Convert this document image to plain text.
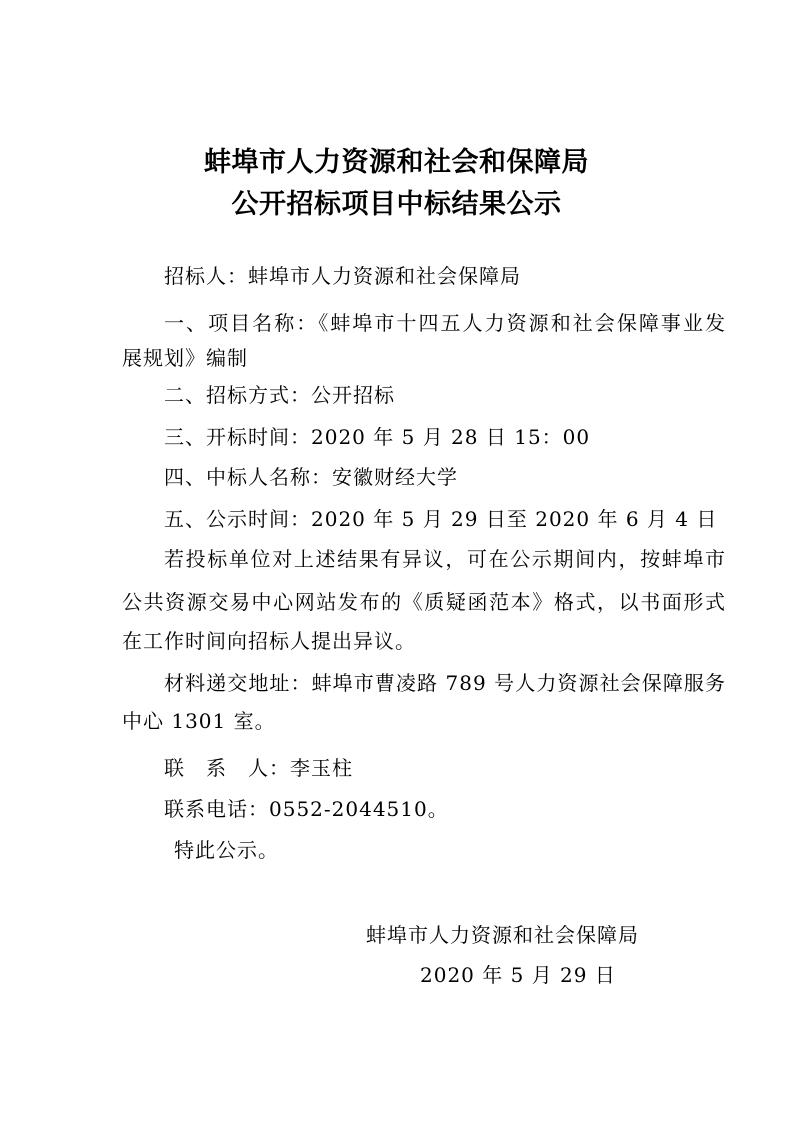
蚌埠市人力资源和社会和保障局
公开招标项目中标结果公示
招标人：蚌埠市人力资源和社会保障局
一、项目名称：《蚌埠市十四五人力资源和社会保障事业发
展规划》编制
二、招标方式：公开招标
三、开标时间：2020 年 5 月 28 日 15：00
四、中标人名称：安徽财经大学
五、公示时间：2020 年 5 月 29 日至 2020 年 6 月 4 日
若投标单位对上述结果有异议，可在公示期间内，按蚌埠市
公共资源交易中心网站发布的《质疑函范本》格式，以书面形式
在工作时间向招标人提出异议。
材料递交地址：蚌埠市曹凌路 789 号人力资源社会保障服务
中心 1301 室。
联　系　人：李玉柱
联系电话：0552-2044510。
特此公示。
蚌埠市人力资源和社会保障局
2020 年 5 月 29 日
